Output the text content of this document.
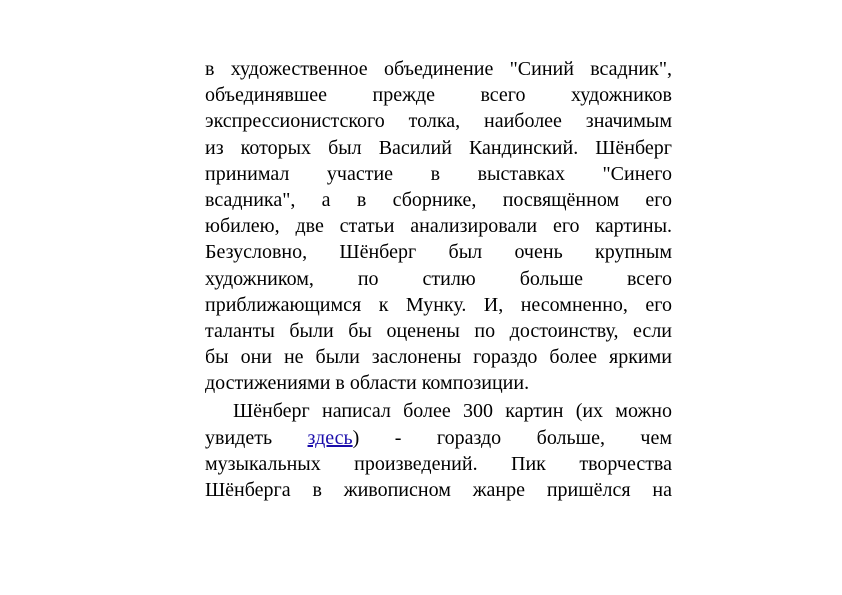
в художественное объединение "Синий всадник",
объединявшее прежде всего художников
экспрессионистского толка, наиболее значимым
из которых был Василий Кандинский. Шёнберг
принимал участие в выставках "Синего
всадника", а в сборнике, посвящённом его
юбилею, две статьи анализировали его картины.
Безусловно, Шёнберг был очень крупным
художником, по стилю больше всего
приближающимся к Мунку. И, несомненно, его
таланты были бы оценены по достоинству, если
бы они не были заслонены гораздо более яркими
достижениями в области композиции.
Шёнберг написал более 300 картин (их можно
увидеть здесь) - гораздо больше, чем
музыкальных произведений. Пик творчества
Шёнберга в живописном жанре пришёлся на
